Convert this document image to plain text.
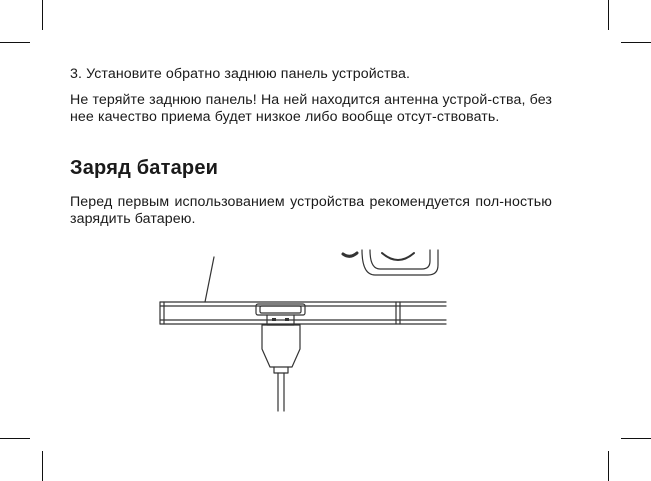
3. Установите обратно заднюю панель устройства.

Не теряйте заднюю панель! На ней находится антенна устрой-ства, без нее качество приема будет низкое либо вообще отсут-ствовать.

Заряд батареи

Перед первым использованием устройства рекомендуется пол-ностью зарядить батарею.
